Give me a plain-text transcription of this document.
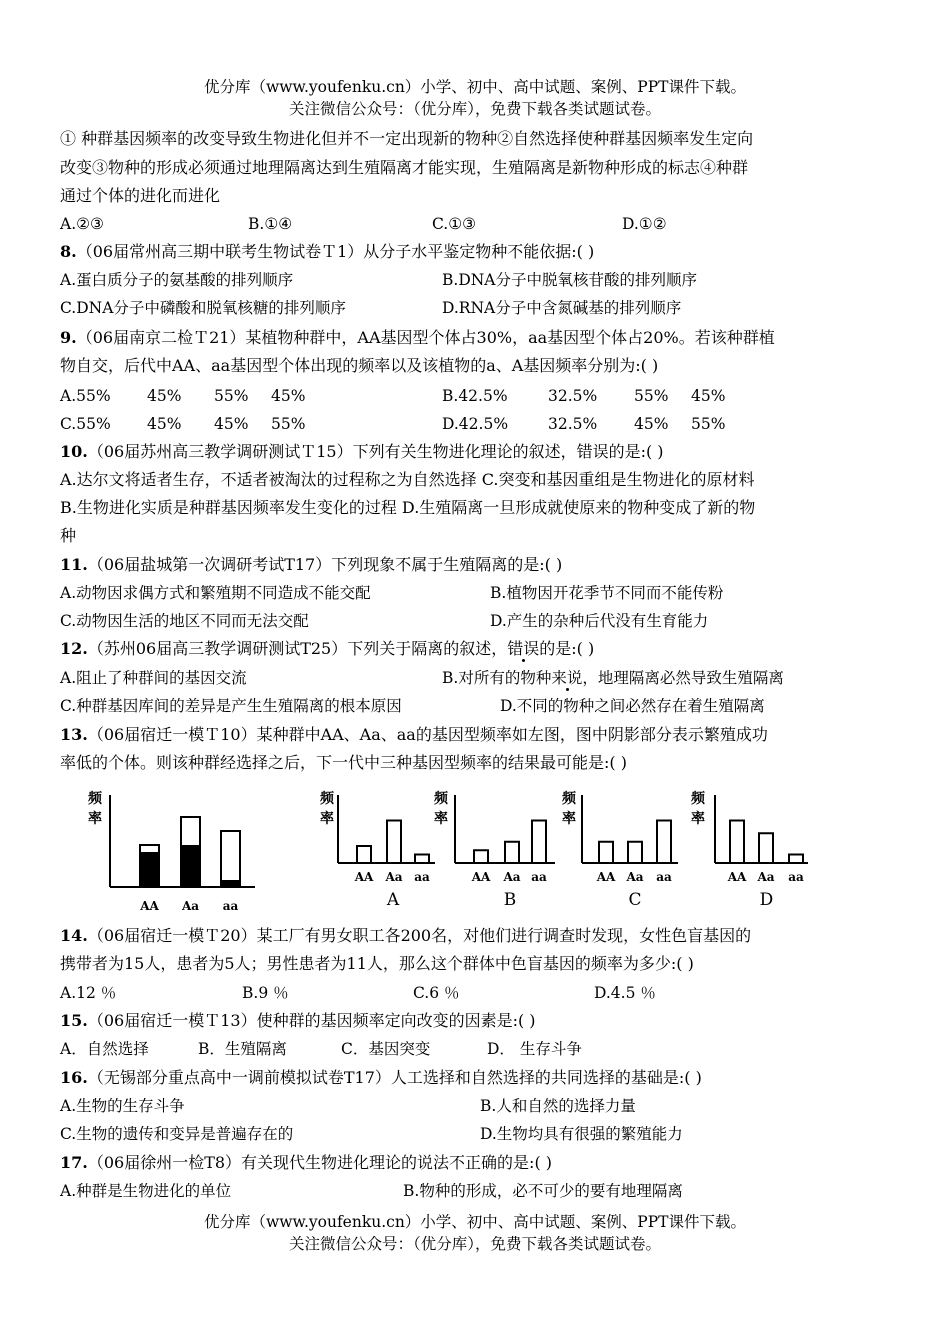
优分库（www.youfenku.cn）小学、初中、高中试题、案例、PPT课件下载。
关注微信公众号：（优分库），免费下载各类试题试卷。
① 种群基因频率的改变导致生物进化但并不一定出现新的物种②自然选择使种群基因频率发生定向
改变③物种的形成必须通过地理隔离达到生殖隔离才能实现，生殖隔离是新物种形成的标志④种群
通过个体的进化而进化
A.②③	B.①④	C.①③	D.①②
8.（06届常州高三期中联考生物试卷Ｔ1）从分子水平鉴定物种不能依据:( )
A.蛋白质分子的氨基酸的排列顺序	B.DNA分子中脱氧核苷酸的排列顺序
C.DNA分子中磷酸和脱氧核糖的排列顺序	D.RNA分子中含氮碱基的排列顺序
9.（06届南京二检Ｔ21）某植物种群中，AA基因型个体占30%，aa基因型个体占20%。若该种群植
物自交，后代中AA、aa基因型个体出现的频率以及该植物的a、A基因频率分别为:( )
A.55% 45% 55% 45%	B.42.5%	32.5% 55% 45%
C.55% 45% 45% 55%	D.42.5%	32.5% 45% 55%
10.（06届苏州高三教学调研测试Ｔ15）下列有关生物进化理论的叙述，错误的是:( )
A.达尔文将适者生存，不适者被淘汰的过程称之为自然选择 C.突变和基因重组是生物进化的原材料
B.生物进化实质是种群基因频率发生变化的过程 D.生殖隔离一旦形成就使原来的物种变成了新的物
种
11.（06届盐城第一次调研考试T17）下列现象不属于生殖隔离的是:( )
A.动物因求偶方式和繁殖期不同造成不能交配	B.植物因开花季节不同而不能传粉
C.动物因生活的地区不同而无法交配	D.产生的杂种后代没有生育能力
12.（苏州06届高三教学调研测试T25）下列关于隔离的叙述，错误的是:( )
A.阻止了种群间的基因交流	B.对所有的物种来说，地理隔离必然导致生殖隔离
C.种群基因库间的差异是产生生殖隔离的根本原因	D.不同的物种之间必然存在着生殖隔离
13.（06届宿迁一模Ｔ10）某种群中AA、Aa、aa的基因型频率如左图，图中阴影部分表示繁殖成功
率低的个体。则该种群经选择之后，下一代中三种基因型频率的结果最可能是:( )
频
率
AA Aa aa
频
率
AA Aa aa
A
频
率
AA Aa aa
B
频
率
AA Aa aa
C
频
率
AA Aa aa
D
14.（06届宿迁一模Ｔ20）某工厂有男女职工各200名，对他们进行调查时发现，女性色盲基因的
携带者为15人，患者为5人；男性患者为11人，那么这个群体中色盲基因的频率为多少:( )
A.12 ％	B.9 ％	C.6 ％	D.4.5 ％
15.（06届宿迁一模Ｔ13）使种群的基因频率定向改变的因素是:( )
A．自然选择	B．生殖隔离	C．基因突变	D． 生存斗争
16.（无锡部分重点高中一调前模拟试卷T17）人工选择和自然选择的共同选择的基础是:( )
A.生物的生存斗争	B.人和自然的选择力量
C.生物的遗传和变异是普遍存在的	D.生物均具有很强的繁殖能力
17.（06届徐州一检T8）有关现代生物进化理论的说法不正确的是:( )
A.种群是生物进化的单位	B.物种的形成，必不可少的要有地理隔离
优分库（www.youfenku.cn）小学、初中、高中试题、案例、PPT课件下载。
关注微信公众号：（优分库），免费下载各类试题试卷。
